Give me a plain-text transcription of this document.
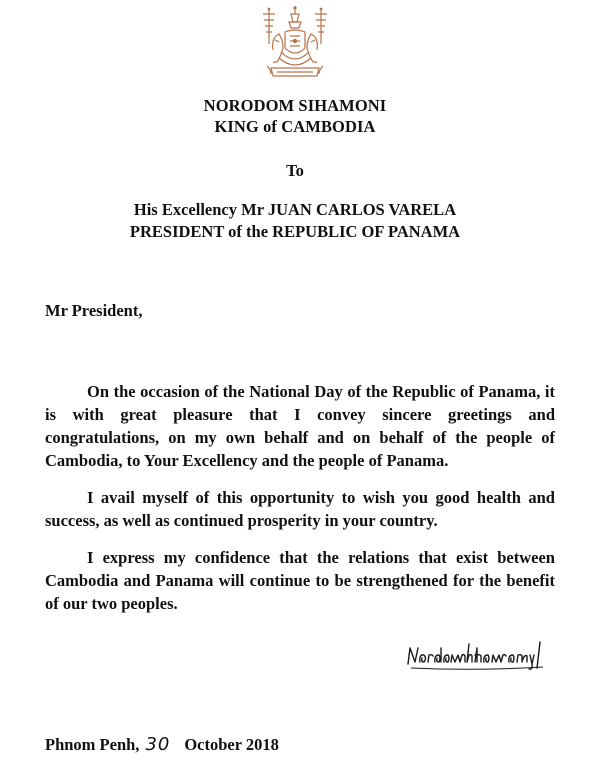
NORODOM SIHAMONI
KING of CAMBODIA
To
His Excellency Mr JUAN CARLOS VARELA
PRESIDENT of the REPUBLIC OF PANAMA
Mr President,
On the occasion of the National Day of the Republic of Panama, it is with great pleasure that I convey sincere greetings and congratulations, on my own behalf and on behalf of the people of Cambodia, to Your Excellency and the people of Panama.
I avail myself of this opportunity to wish you good health and success, as well as continued prosperity in your country.
I express my confidence that the relations that exist between Cambodia and Panama will continue to be strengthened for the benefit of our two peoples.
Phnom Penh, 30 October 2018
